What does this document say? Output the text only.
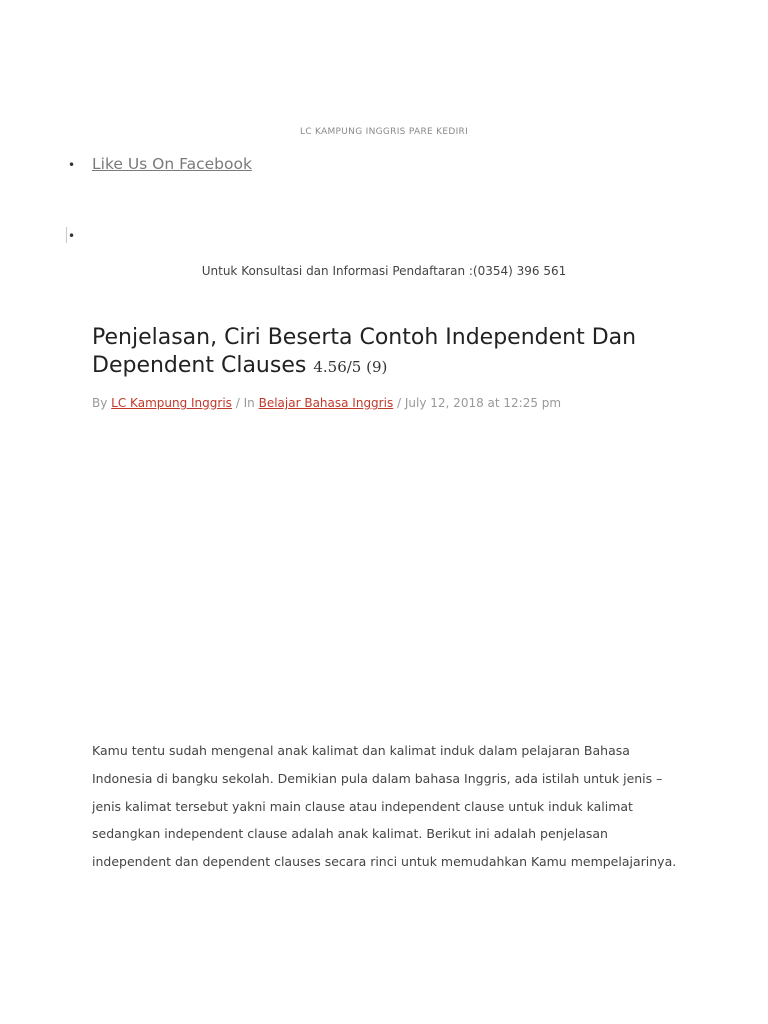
LC KAMPUNG INGGRIS PARE KEDIRI
• Like Us On Facebook
•
Untuk Konsultasi dan Informasi Pendaftaran :(0354) 396 561
Penjelasan, Ciri Beserta Contoh Independent Dan Dependent Clauses 4.56/5 (9)
By LC Kampung Inggris / In Belajar Bahasa Inggris / July 12, 2018 at 12:25 pm

Kamu tentu sudah mengenal anak kalimat dan kalimat induk dalam pelajaran Bahasa Indonesia di bangku sekolah. Demikian pula dalam bahasa Inggris, ada istilah untuk jenis – jenis kalimat tersebut yakni main clause atau independent clause untuk induk kalimat sedangkan independent clause adalah anak kalimat. Berikut ini adalah penjelasan independent dan dependent clauses secara rinci untuk memudahkan Kamu mempelajarinya.
